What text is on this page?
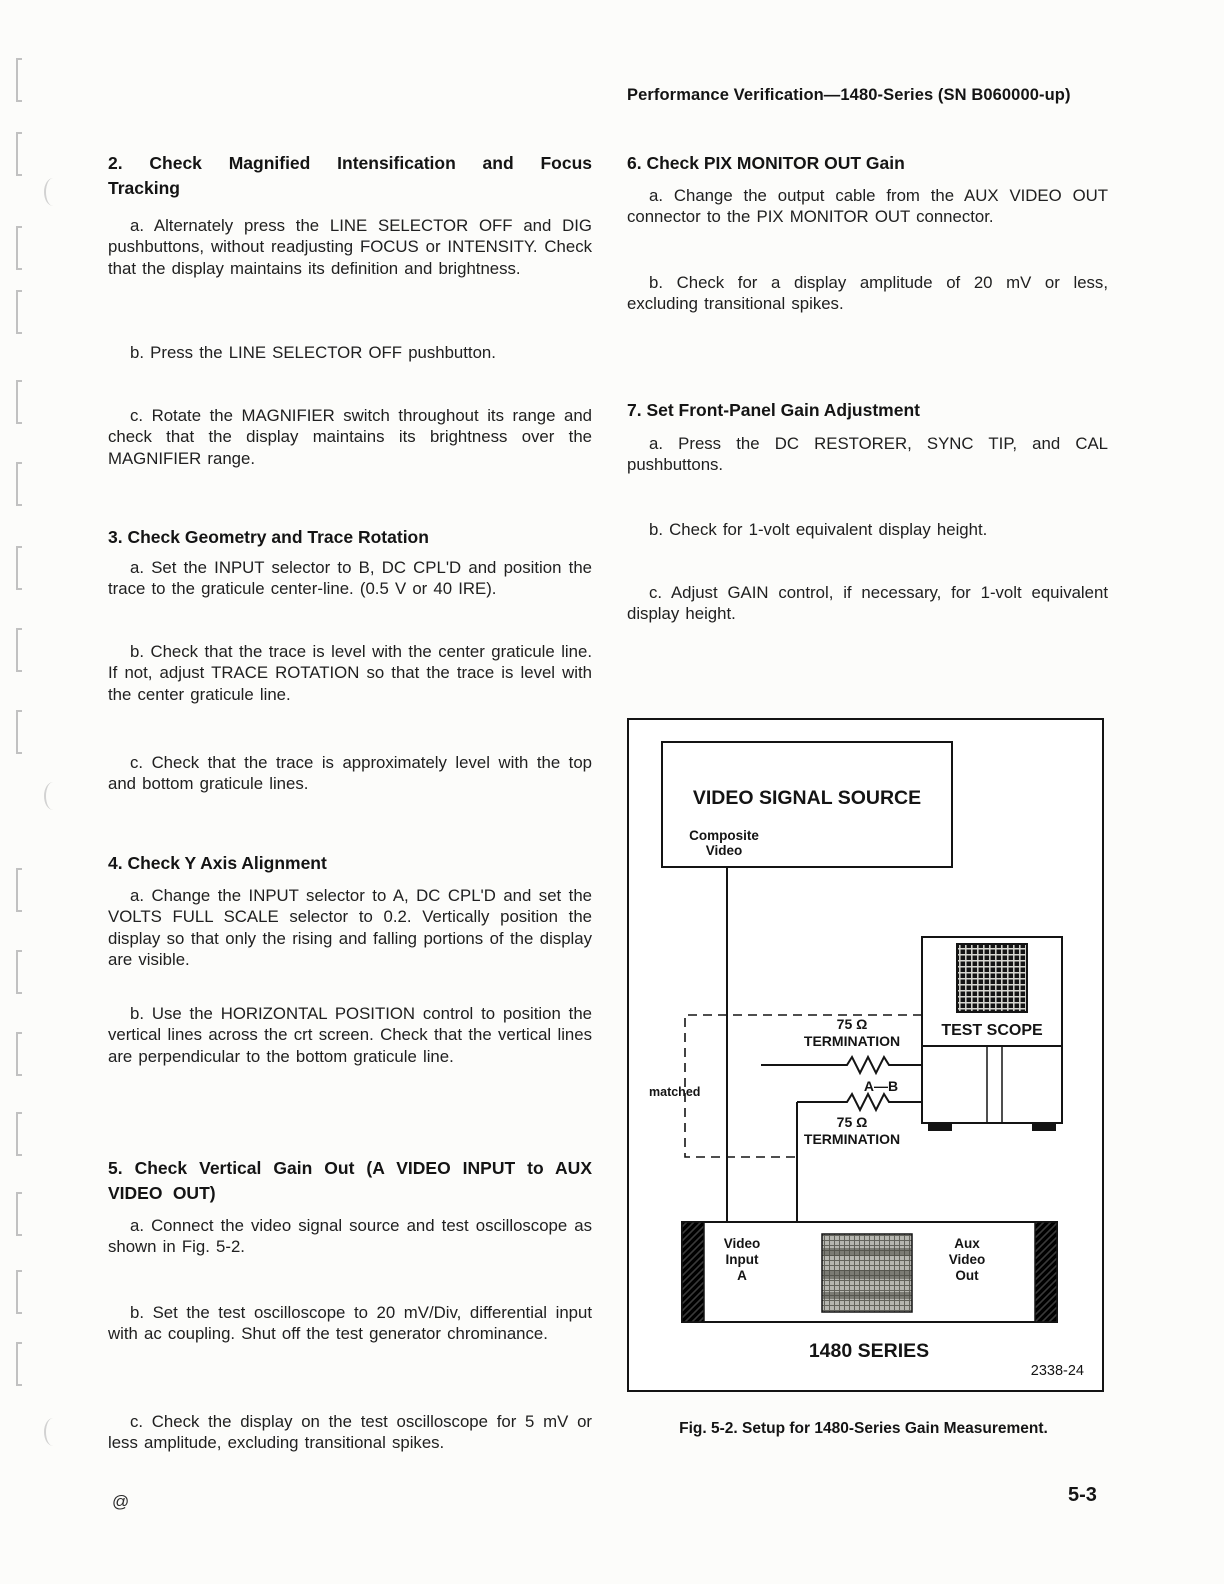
Performance Verification—1480-Series (SN B060000-up)
2. Check Magnified Intensification and Focus Tracking

a. Alternately press the LINE SELECTOR OFF and DIG pushbuttons, without readjusting FOCUS or INTENSITY. Check that the display maintains its definition and brightness.

b. Press the LINE SELECTOR OFF pushbutton.

c. Rotate the MAGNIFIER switch throughout its range and check that the display maintains its brightness over the MAGNIFIER range.

3. Check Geometry and Trace Rotation

a. Set the INPUT selector to B, DC CPL'D and position the trace to the graticule center-line. (0.5 V or 40 IRE).

b. Check that the trace is level with the center graticule line. If not, adjust TRACE ROTATION so that the trace is level with the center graticule line.

c. Check that the trace is approximately level with the top and bottom graticule lines.

4. Check Y Axis Alignment

a. Change the INPUT selector to A, DC CPL'D and set the VOLTS FULL SCALE selector to 0.2. Vertically position the display so that only the rising and falling portions of the display are visible.

b. Use the HORIZONTAL POSITION control to position the vertical lines across the crt screen. Check that the vertical lines are perpendicular to the bottom graticule line.

5. Check Vertical Gain Out (A VIDEO INPUT to AUX VIDEO OUT)

a. Connect the video signal source and test oscilloscope as shown in Fig. 5-2.

b. Set the test oscilloscope to 20 mV/Div, differential input with ac coupling. Shut off the test generator chrominance.

c. Check the display on the test oscilloscope for 5 mV or less amplitude, excluding transitional spikes.

6. Check PIX MONITOR OUT Gain

a. Change the output cable from the AUX VIDEO OUT connector to the PIX MONITOR OUT connector.

b. Check for a display amplitude of 20 mV or less, excluding transitional spikes.

7. Set Front-Panel Gain Adjustment

a. Press the DC RESTORER, SYNC TIP, and CAL pushbuttons.

b. Check for 1-volt equivalent display height.

c. Adjust GAIN control, if necessary, for 1-volt equivalent display height.

VIDEO SIGNAL SOURCE
Composite
Video
matched
75 Ω
TERMINATION
A—B
75 Ω
TERMINATION
TEST SCOPE
Video
Input
A
Aux
Video
Out
1480 SERIES
2338-24
Fig. 5-2. Setup for 1480-Series Gain Measurement.
@	5-3
